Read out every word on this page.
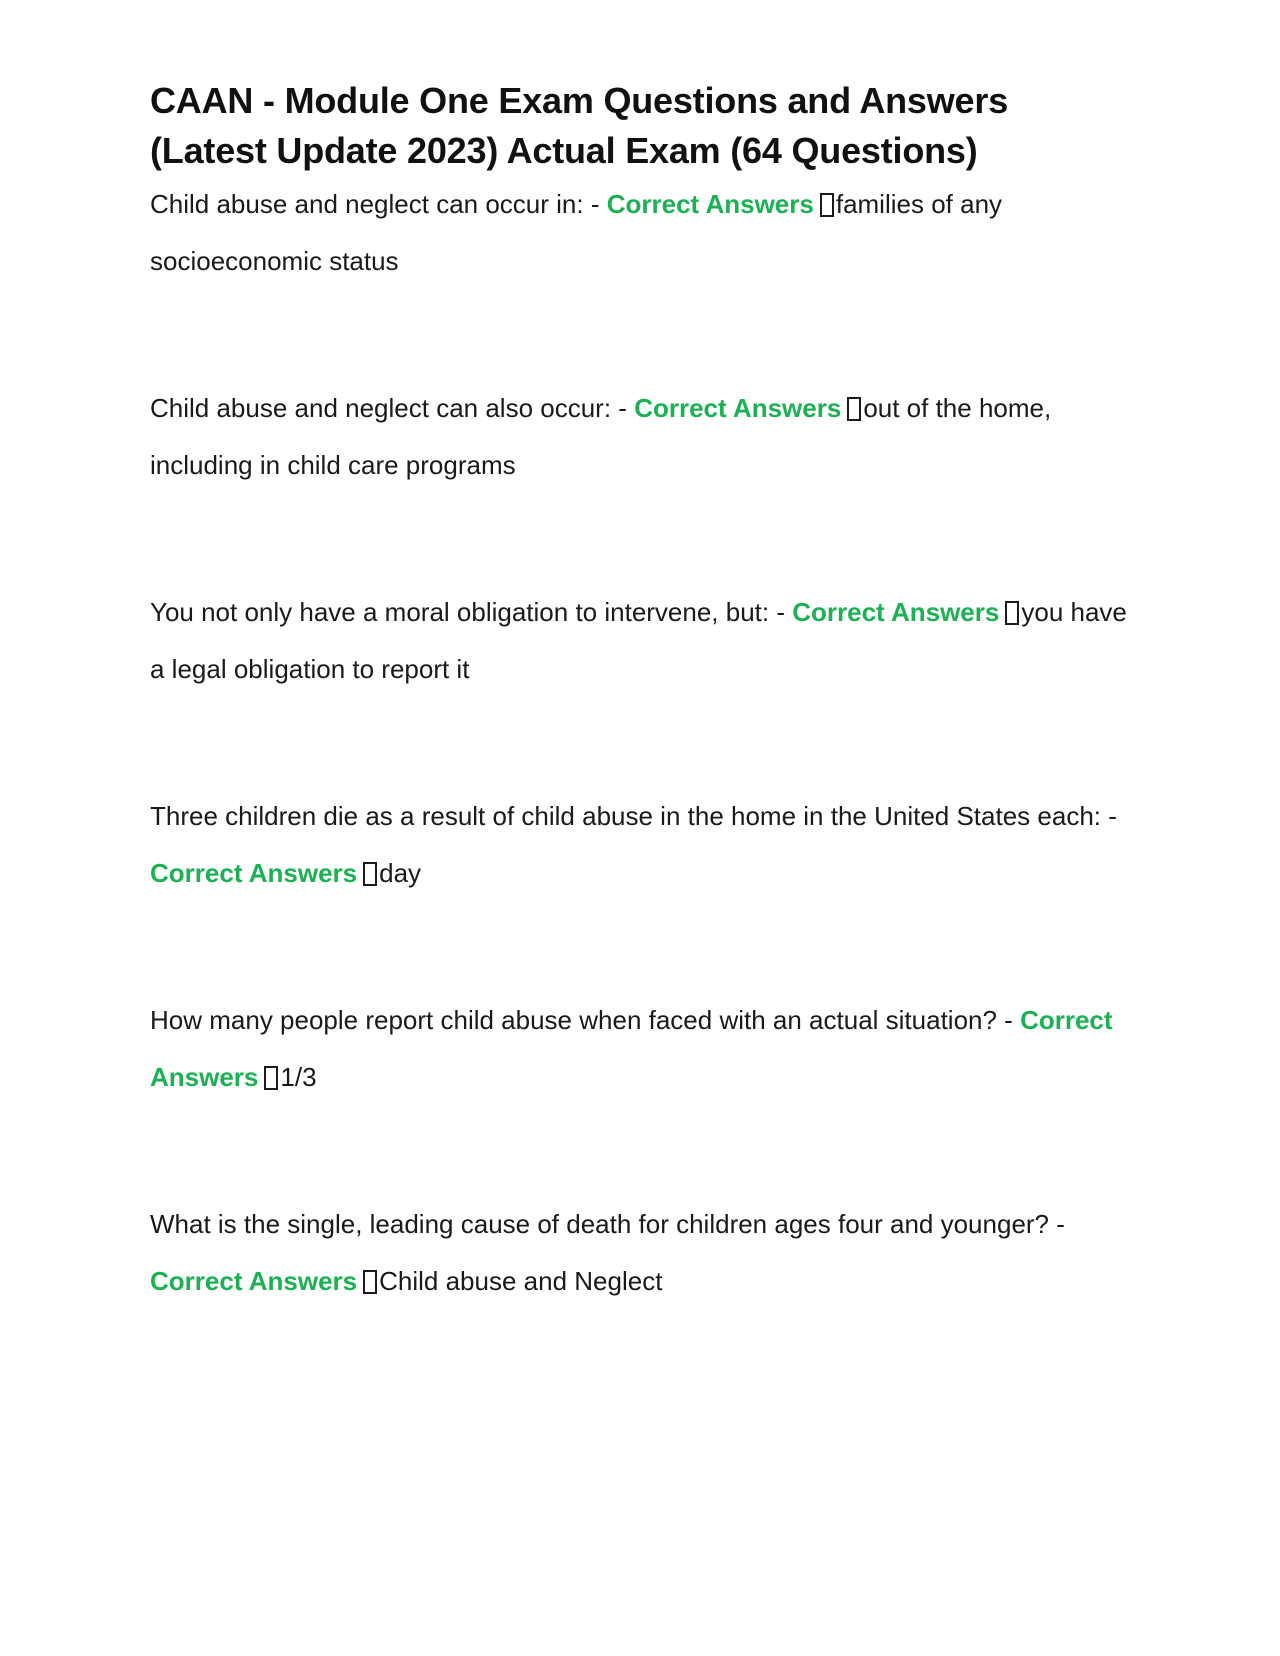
CAAN - Module One Exam Questions and Answers
(Latest Update 2023) Actual Exam (64 Questions)

Child abuse and neglect can occur in: - Correct Answers families of any socioeconomic status

Child abuse and neglect can also occur: - Correct Answers out of the home, including in child care programs

You not only have a moral obligation to intervene, but: - Correct Answers you have a legal obligation to report it

Three children die as a result of child abuse in the home in the United States each: - Correct Answers day

How many people report child abuse when faced with an actual situation? - Correct Answers 1/3

What is the single, leading cause of death for children ages four and younger? - Correct Answers Child abuse and Neglect
